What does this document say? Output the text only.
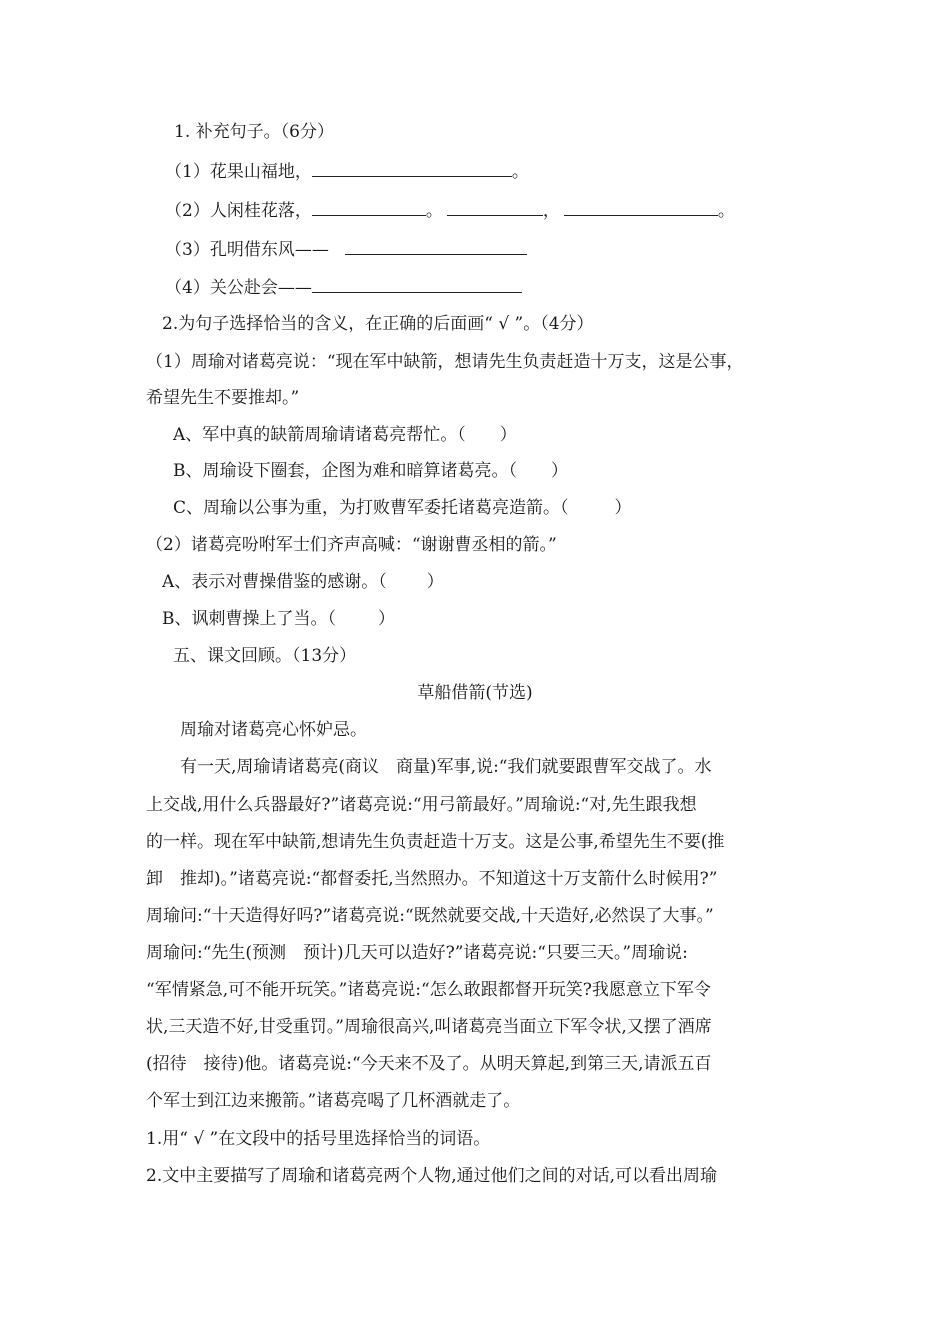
1. 补充句子。（6分）
（1）花果山福地，	。
（2）人闲桂花落，	。	，	。
（3）孔明借东风——
（4）关公赴会——
2.为句子选择恰当的含义，在正确的后面画“ √ ”。（4分）
（1）周瑜对诸葛亮说：“现在军中缺箭，想请先生负责赶造十万支，这是公事，
希望先生不要推却。”
A、军中真的缺箭周瑜请诸葛亮帮忙。（ ）
B、周瑜设下圈套，企图为难和暗算诸葛亮。（ ）
C、周瑜以公事为重，为打败曹军委托诸葛亮造箭。（	）
（2）诸葛亮吩咐军士们齐声高喊：“谢谢曹丞相的箭。”
A、表示对曹操借鉴的感谢。（ ）
B、讽刺曹操上了当。（ ）
五、课文回顾。（13分）
草船借箭(节选)
周瑜对诸葛亮心怀妒忌。
有一天,周瑜请诸葛亮(商议　商量)军事,说:“我们就要跟曹军交战了。水
上交战,用什么兵器最好?”诸葛亮说:“用弓箭最好。”周瑜说:“对,先生跟我想
的一样。现在军中缺箭,想请先生负责赶造十万支。这是公事,希望先生不要(推
卸　推却)。”诸葛亮说:“都督委托,当然照办。不知道这十万支箭什么时候用?”
周瑜问:“十天造得好吗?”诸葛亮说:“既然就要交战,十天造好,必然误了大事。”
周瑜问:“先生(预测　预计)几天可以造好?”诸葛亮说:“只要三天。”周瑜说:
“军情紧急,可不能开玩笑。”诸葛亮说:“怎么敢跟都督开玩笑?我愿意立下军令
状,三天造不好,甘受重罚。”周瑜很高兴,叫诸葛亮当面立下军令状,又摆了酒席
(招待　接待)他。诸葛亮说:“今天来不及了。从明天算起,到第三天,请派五百
个军士到江边来搬箭。”诸葛亮喝了几杯酒就走了。
1.用“ √ ”在文段中的括号里选择恰当的词语。
2.文中主要描写了周瑜和诸葛亮两个人物,通过他们之间的对话,可以看出周瑜
